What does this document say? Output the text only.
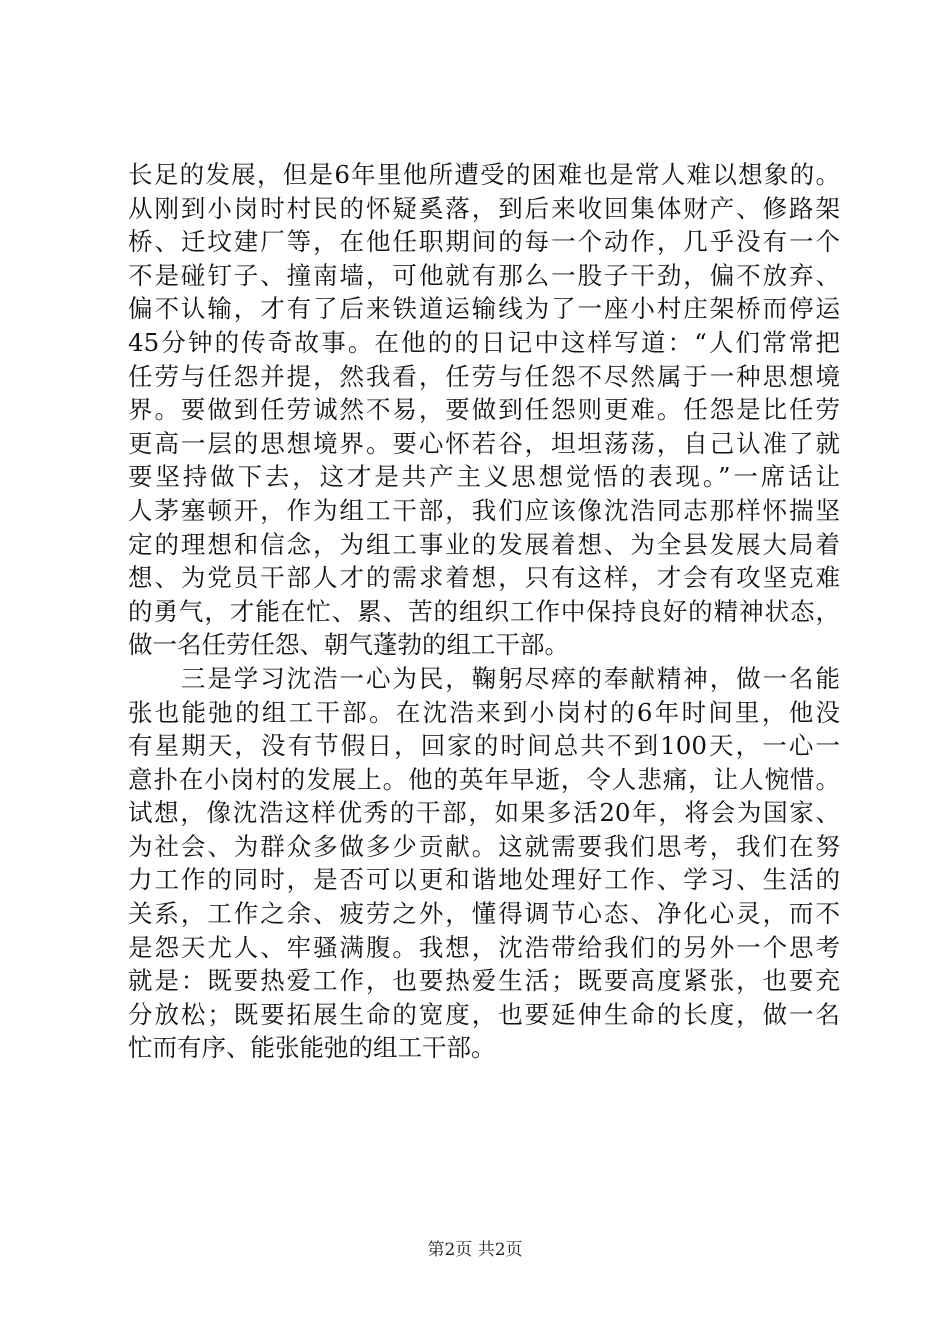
长足的发展，但是6年里他所遭受的困难也是常人难以想象的。
从刚到小岗时村民的怀疑奚落，到后来收回集体财产、修路架
桥、迁坟建厂等，在他任职期间的每一个动作，几乎没有一个
不是碰钉子、撞南墙，可他就有那么一股子干劲，偏不放弃、
偏不认输，才有了后来铁道运输线为了一座小村庄架桥而停运
45分钟的传奇故事。在他的的日记中这样写道：“人们常常把
任劳与任怨并提，然我看，任劳与任怨不尽然属于一种思想境
界。要做到任劳诚然不易，要做到任怨则更难。任怨是比任劳
更高一层的思想境界。要心怀若谷，坦坦荡荡，自己认准了就
要坚持做下去，这才是共产主义思想觉悟的表现。”一席话让
人茅塞顿开，作为组工干部，我们应该像沈浩同志那样怀揣坚
定的理想和信念，为组工事业的发展着想、为全县发展大局着
想、为党员干部人才的需求着想，只有这样，才会有攻坚克难
的勇气，才能在忙、累、苦的组织工作中保持良好的精神状态，
做一名任劳任怨、朝气蓬勃的组工干部。
　　三是学习沈浩一心为民，鞠躬尽瘁的奉献精神，做一名能
张也能弛的组工干部。在沈浩来到小岗村的6年时间里，他没
有星期天，没有节假日，回家的时间总共不到100天，一心一
意扑在小岗村的发展上。他的英年早逝，令人悲痛，让人惋惜。
试想，像沈浩这样优秀的干部，如果多活20年，将会为国家、
为社会、为群众多做多少贡献。这就需要我们思考，我们在努
力工作的同时，是否可以更和谐地处理好工作、学习、生活的
关系，工作之余、疲劳之外，懂得调节心态、净化心灵，而不
是怨天尤人、牢骚满腹。我想，沈浩带给我们的另外一个思考
就是：既要热爱工作，也要热爱生活；既要高度紧张，也要充
分放松；既要拓展生命的宽度，也要延伸生命的长度，做一名
忙而有序、能张能弛的组工干部。
第2页 共2页
